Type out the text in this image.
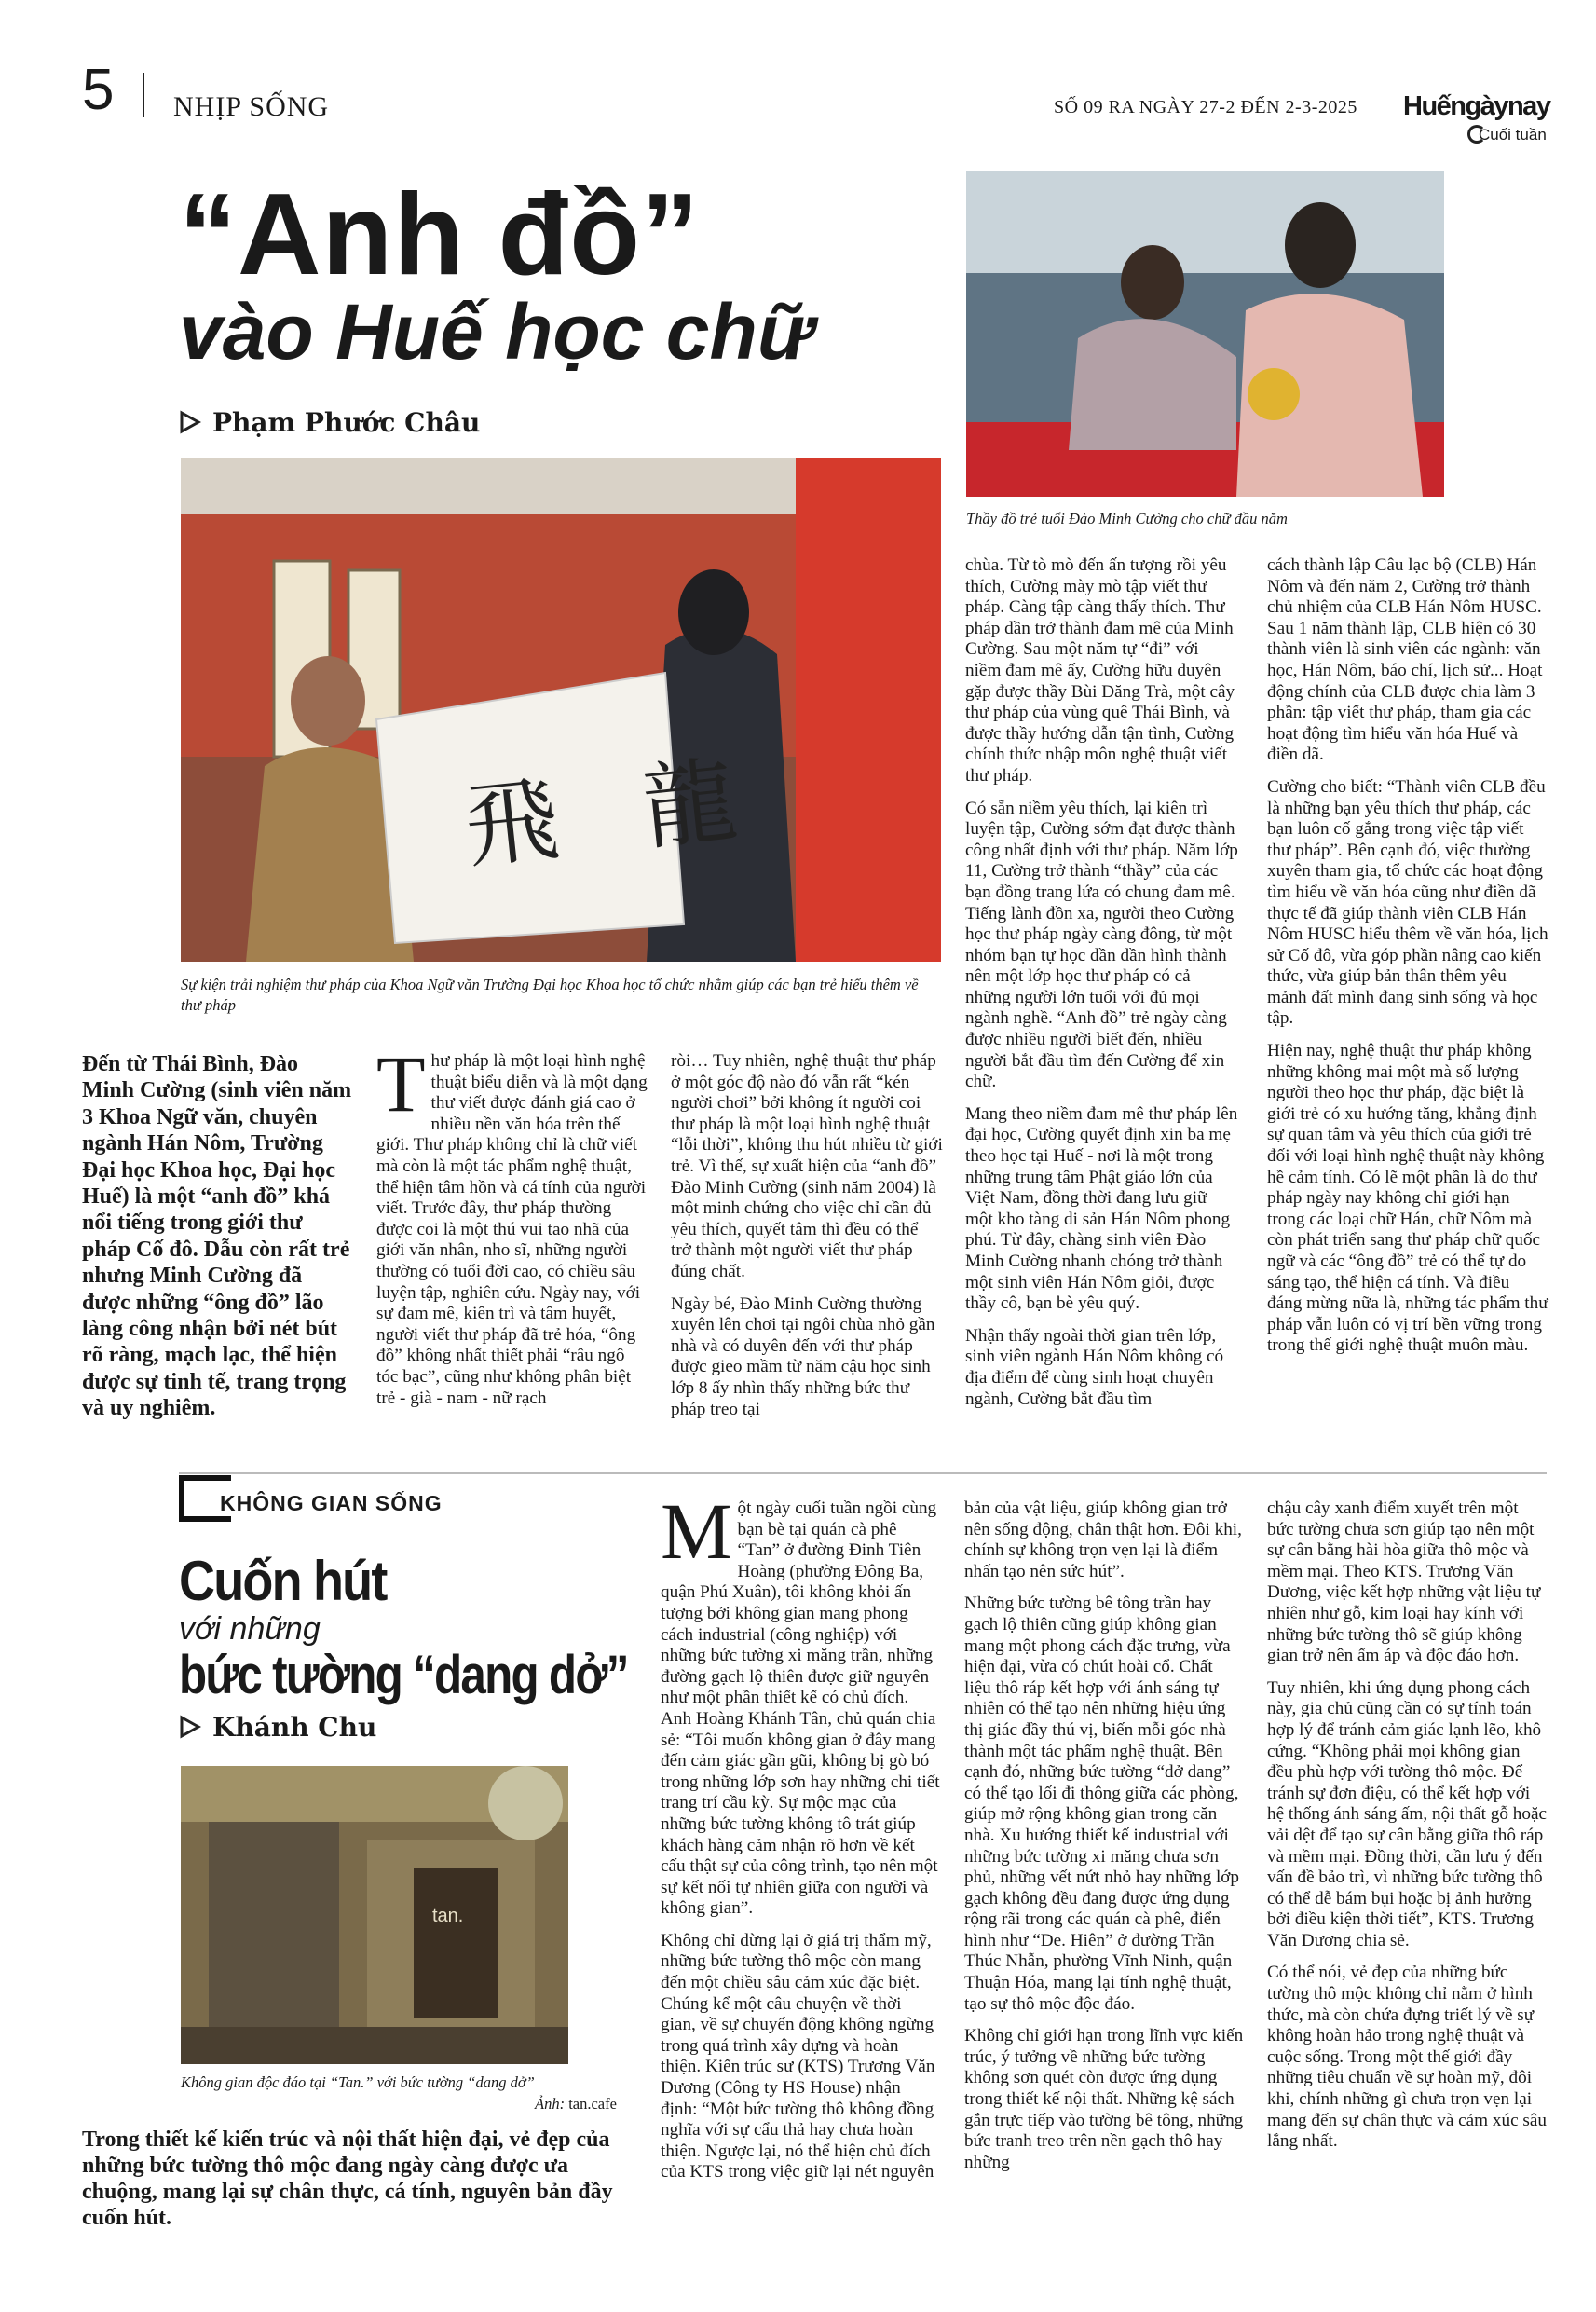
5 NHỊP SỐNG	SỐ 09 RA NGÀY 27-2 ĐẾN 2-3-2025 Huếngàynay
Cuối tuần
“Anh đồ”
vào Huế học chữ
Phạm Phước Châu
飛 龍
Sự kiện trải nghiệm thư pháp của Khoa Ngữ văn Trường Đại học Khoa học tổ chức nhằm giúp các bạn trẻ hiểu thêm về thư pháp
Thầy đồ trẻ tuổi Đào Minh Cường cho chữ đầu năm
Đến từ Thái Bình, Đào Minh Cường (sinh viên năm 3 Khoa Ngữ văn, chuyên ngành Hán Nôm, Trường Đại học Khoa học, Đại học Huế) là một “anh đồ” khá nổi tiếng trong giới thư pháp Cố đô. Dẫu còn rất trẻ nhưng Minh Cường đã được những “ông đồ” lão làng công nhận bởi nét bút rõ ràng, mạch lạc, thể hiện được sự tinh tế, trang trọng và uy nghiêm.

Thư pháp là một loại hình nghệ thuật biểu diễn và là một dạng thư viết được đánh giá cao ở nhiều nền văn hóa trên thế giới. Thư pháp không chỉ là chữ viết mà còn là một tác phẩm nghệ thuật, thể hiện tâm hồn và cá tính của người viết. Trước đây, thư pháp thường được coi là một thú vui tao nhã của giới văn nhân, nho sĩ, những người thường có tuổi đời cao, có chiều sâu luyện tập, nghiên cứu. Ngày nay, với sự đam mê, kiên trì và tâm huyết, người viết thư pháp đã trẻ hóa, “ông đồ” không nhất thiết phải “râu ngô tóc bạc”, cũng như không phân biệt trẻ - già - nam - nữ rạch

ròi… Tuy nhiên, nghệ thuật thư pháp ở một góc độ nào đó vẫn rất “kén người chơi” bởi không ít người coi thư pháp là một loại hình nghệ thuật “lỗi thời”, không thu hút nhiều từ giới trẻ. Vì thế, sự xuất hiện của “anh đồ” Đào Minh Cường (sinh năm 2004) là một minh chứng cho việc chỉ cần đủ yêu thích, quyết tâm thì đều có thể trở thành một người viết thư pháp đúng chất.

Ngày bé, Đào Minh Cường thường xuyên lên chơi tại ngôi chùa nhỏ gần nhà và có duyên đến với thư pháp được gieo mầm từ năm cậu học sinh lớp 8 ấy nhìn thấy những bức thư pháp treo tại

chùa. Từ tò mò đến ấn tượng rồi yêu thích, Cường mày mò tập viết thư pháp. Càng tập càng thấy thích. Thư pháp dần trở thành đam mê của Minh Cường. Sau một năm tự “đi” với niềm đam mê ấy, Cường hữu duyên gặp được thầy Bùi Đăng Trà, một cây thư pháp của vùng quê Thái Bình, và được thầy hướng dẫn tận tình, Cường chính thức nhập môn nghệ thuật viết thư pháp.

Có sẵn niềm yêu thích, lại kiên trì luyện tập, Cường sớm đạt được thành công nhất định với thư pháp. Năm lớp 11, Cường trở thành “thầy” của các bạn đồng trang lứa có chung đam mê. Tiếng lành đồn xa, người theo Cường học thư pháp ngày càng đông, từ một nhóm bạn tự học dần dần hình thành nên một lớp học thư pháp có cả những người lớn tuổi với đủ mọi ngành nghề. “Anh đồ” trẻ ngày càng được nhiều người biết đến, nhiều người bắt đầu tìm đến Cường để xin chữ.

Mang theo niềm đam mê thư pháp lên đại học, Cường quyết định xin ba mẹ theo học tại Huế - nơi là một trong những trung tâm Phật giáo lớn của Việt Nam, đồng thời đang lưu giữ một kho tàng di sản Hán Nôm phong phú. Từ đây, chàng sinh viên Đào Minh Cường nhanh chóng trở thành một sinh viên Hán Nôm giỏi, được thầy cô, bạn bè yêu quý.

Nhận thấy ngoài thời gian trên lớp, sinh viên ngành Hán Nôm không có địa điểm để cùng sinh hoạt chuyên ngành, Cường bắt đầu tìm

cách thành lập Câu lạc bộ (CLB) Hán Nôm và đến năm 2, Cường trở thành chủ nhiệm của CLB Hán Nôm HUSC. Sau 1 năm thành lập, CLB hiện có 30 thành viên là sinh viên các ngành: văn học, Hán Nôm, báo chí, lịch sử... Hoạt động chính của CLB được chia làm 3 phần: tập viết thư pháp, tham gia các hoạt động tìm hiểu văn hóa Huế và điền dã.

Cường cho biết: “Thành viên CLB đều là những bạn yêu thích thư pháp, các bạn luôn cố gắng trong việc tập viết thư pháp”. Bên cạnh đó, việc thường xuyên tham gia, tổ chức các hoạt động tìm hiểu về văn hóa cũng như điền dã thực tế đã giúp thành viên CLB Hán Nôm HUSC hiểu thêm về văn hóa, lịch sử Cố đô, vừa góp phần nâng cao kiến thức, vừa giúp bản thân thêm yêu mảnh đất mình đang sinh sống và học tập.

Hiện nay, nghệ thuật thư pháp không những không mai một mà số lượng người theo học thư pháp, đặc biệt là giới trẻ có xu hướng tăng, khẳng định sự quan tâm và yêu thích của giới trẻ đối với loại hình nghệ thuật này không hề cảm tính. Có lẽ một phần là do thư pháp ngày nay không chỉ giới hạn trong các loại chữ Hán, chữ Nôm mà còn phát triển sang thư pháp chữ quốc ngữ và các “ông đồ” trẻ có thể tự do sáng tạo, thể hiện cá tính. Và điều đáng mừng nữa là, những tác phẩm thư pháp vẫn luôn có vị trí bền vững trong trong thế giới nghệ thuật muôn màu.

KHÔNG GIAN SỐNG
Cuốn hút
với những
bức tường “dang dở”
Khánh Chu
tan.
Không gian độc đáo tại “Tan.” với bức tường “dang dở”
Ảnh: tan.cafe
Trong thiết kế kiến trúc và nội thất hiện đại, vẻ đẹp của những bức tường thô mộc đang ngày càng được ưa chuộng, mang lại sự chân thực, cá tính, nguyên bản đầy cuốn hút.

Một ngày cuối tuần ngồi cùng bạn bè tại quán cà phê “Tan” ở đường Đinh Tiên Hoàng (phường Đông Ba, quận Phú Xuân), tôi không khỏi ấn tượng bởi không gian mang phong cách industrial (công nghiệp) với những bức tường xi măng trần, những đường gạch lộ thiên được giữ nguyên như một phần thiết kế có chủ đích. Anh Hoàng Khánh Tân, chủ quán chia sẻ: “Tôi muốn không gian ở đây mang đến cảm giác gần gũi, không bị gò bó trong những lớp sơn hay những chi tiết trang trí cầu kỳ. Sự mộc mạc của những bức tường không tô trát giúp khách hàng cảm nhận rõ hơn về kết cấu thật sự của công trình, tạo nên một sự kết nối tự nhiên giữa con người và không gian”.

Không chỉ dừng lại ở giá trị thẩm mỹ, những bức tường thô mộc còn mang đến một chiều sâu cảm xúc đặc biệt. Chúng kể một câu chuyện về thời gian, về sự chuyển động không ngừng trong quá trình xây dựng và hoàn thiện. Kiến trúc sư (KTS) Trương Văn Dương (Công ty HS House) nhận định: “Một bức tường thô không đồng nghĩa với sự cẩu thả hay chưa hoàn thiện. Ngược lại, nó thể hiện chủ đích của KTS trong việc giữ lại nét nguyên

bản của vật liệu, giúp không gian trở nên sống động, chân thật hơn. Đôi khi, chính sự không trọn vẹn lại là điểm nhấn tạo nên sức hút”.

Những bức tường bê tông trần hay gạch lộ thiên cũng giúp không gian mang một phong cách đặc trưng, vừa hiện đại, vừa có chút hoài cổ. Chất liệu thô ráp kết hợp với ánh sáng tự nhiên có thể tạo nên những hiệu ứng thị giác đầy thú vị, biến mỗi góc nhà thành một tác phẩm nghệ thuật. Bên cạnh đó, những bức tường “dở dang” có thể tạo lối đi thông giữa các phòng, giúp mở rộng không gian trong căn nhà. Xu hướng thiết kế industrial với những bức tường xi măng chưa sơn phủ, những vết nứt nhỏ hay những lớp gạch không đều đang được ứng dụng rộng rãi trong các quán cà phê, điển hình như “De. Hiên” ở đường Trần Thúc Nhẫn, phường Vĩnh Ninh, quận Thuận Hóa, mang lại tính nghệ thuật, tạo sự thô mộc độc đáo.

Không chỉ giới hạn trong lĩnh vực kiến trúc, ý tưởng về những bức tường không sơn quét còn được ứng dụng trong thiết kế nội thất. Những kệ sách gắn trực tiếp vào tường bê tông, những bức tranh treo trên nền gạch thô hay những

chậu cây xanh điểm xuyết trên một bức tường chưa sơn giúp tạo nên một sự cân bằng hài hòa giữa thô mộc và mềm mại. Theo KTS. Trương Văn Dương, việc kết hợp những vật liệu tự nhiên như gỗ, kim loại hay kính với những bức tường thô sẽ giúp không gian trở nên ấm áp và độc đáo hơn.

Tuy nhiên, khi ứng dụng phong cách này, gia chủ cũng cần có sự tính toán hợp lý để tránh cảm giác lạnh lẽo, khô cứng. “Không phải mọi không gian đều phù hợp với tường thô mộc. Để tránh sự đơn điệu, có thể kết hợp với hệ thống ánh sáng ấm, nội thất gỗ hoặc vải dệt để tạo sự cân bằng giữa thô ráp và mềm mại. Đồng thời, cần lưu ý đến vấn đề bảo trì, vì những bức tường thô có thể dễ bám bụi hoặc bị ảnh hưởng bởi điều kiện thời tiết”, KTS. Trương Văn Dương chia sẻ.

Có thể nói, vẻ đẹp của những bức tường thô mộc không chỉ nằm ở hình thức, mà còn chứa đựng triết lý về sự không hoàn hảo trong nghệ thuật và cuộc sống. Trong một thế giới đầy những tiêu chuẩn về sự hoàn mỹ, đôi khi, chính những gì chưa trọn vẹn lại mang đến sự chân thực và cảm xúc sâu lắng nhất.
